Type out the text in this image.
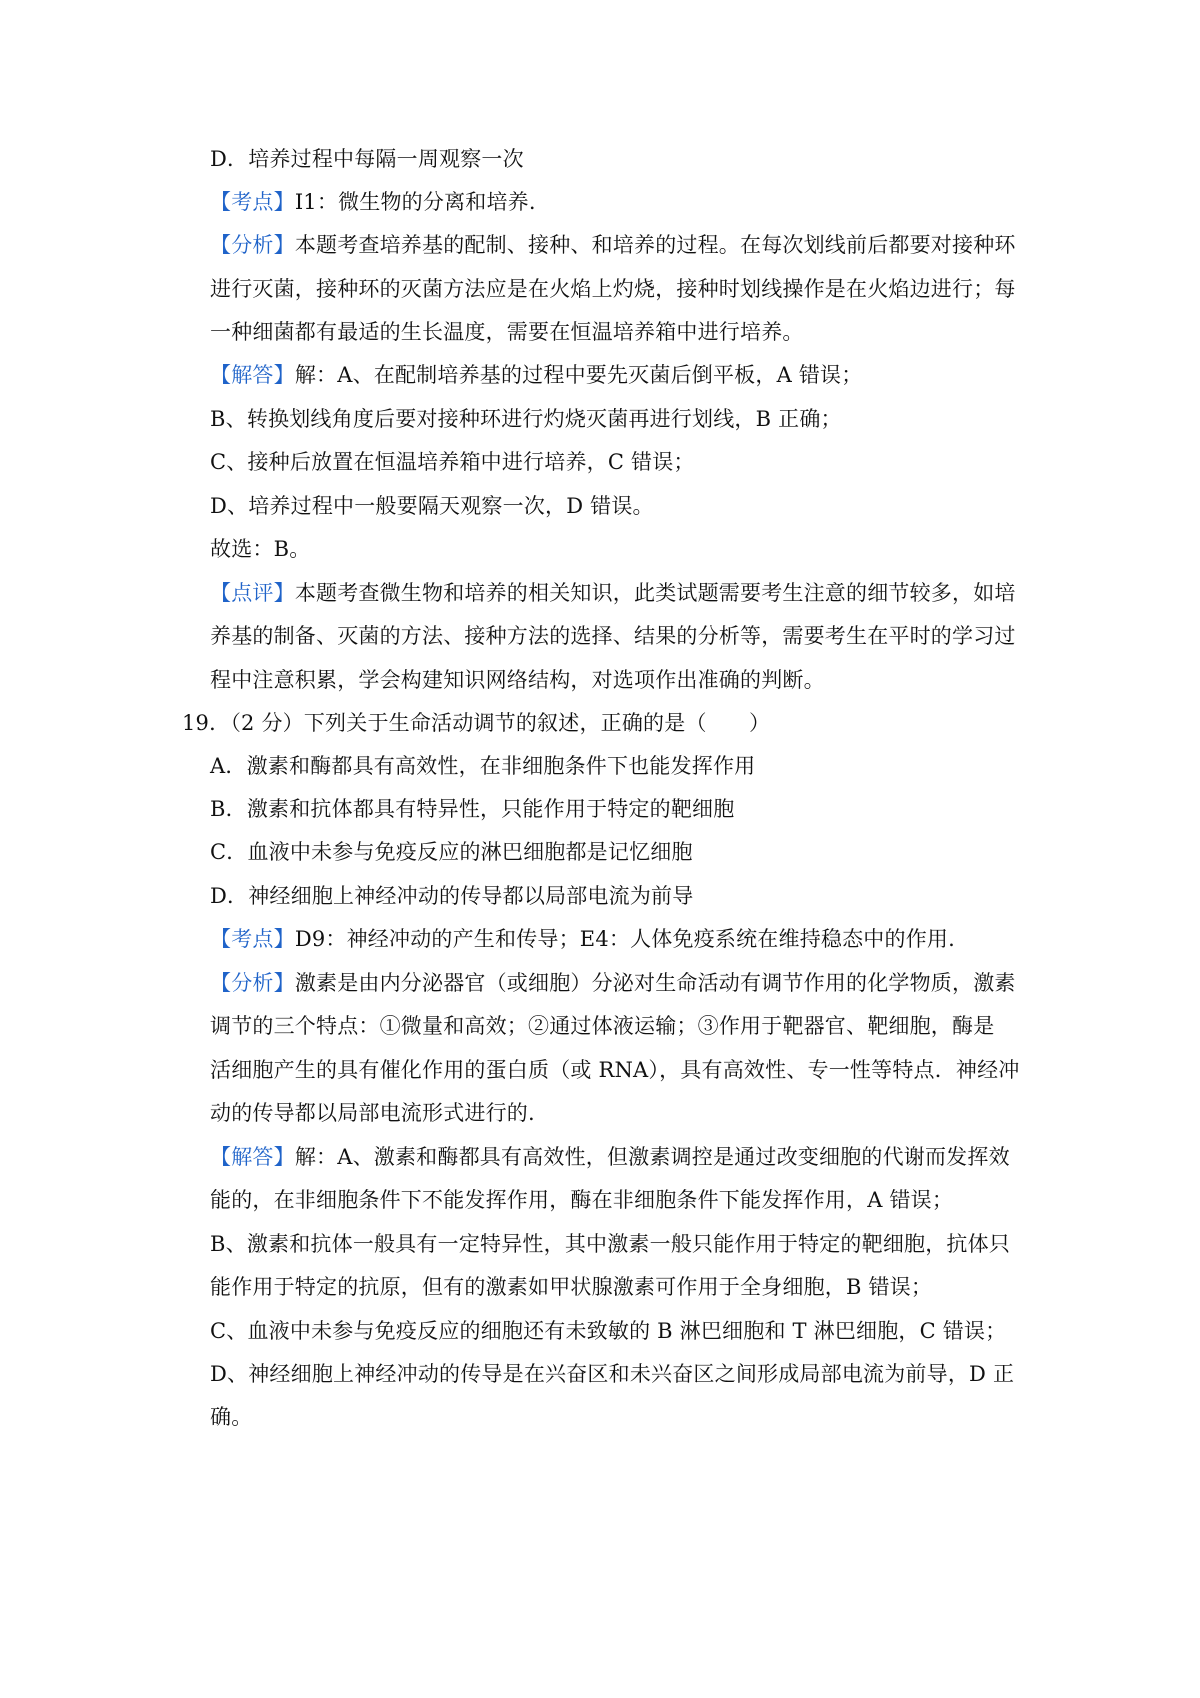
D．培养过程中每隔一周观察一次
【考点】I1：微生物的分离和培养.
【分析】本题考查培养基的配制、接种、和培养的过程。在每次划线前后都要对接种环
进行灭菌，接种环的灭菌方法应是在火焰上灼烧，接种时划线操作是在火焰边进行；每
一种细菌都有最适的生长温度，需要在恒温培养箱中进行培养。
【解答】解：A、在配制培养基的过程中要先灭菌后倒平板，A 错误；
B、转换划线角度后要对接种环进行灼烧灭菌再进行划线，B 正确；
C、接种后放置在恒温培养箱中进行培养，C 错误；
D、培养过程中一般要隔天观察一次，D 错误。
故选：B。
【点评】本题考查微生物和培养的相关知识，此类试题需要考生注意的细节较多，如培
养基的制备、灭菌的方法、接种方法的选择、结果的分析等，需要考生在平时的学习过
程中注意积累，学会构建知识网络结构，对选项作出准确的判断。
19．（2 分）下列关于生命活动调节的叙述，正确的是（　　）
A．激素和酶都具有高效性，在非细胞条件下也能发挥作用
B．激素和抗体都具有特异性，只能作用于特定的靶细胞
C．血液中未参与免疫反应的淋巴细胞都是记忆细胞
D．神经细胞上神经冲动的传导都以局部电流为前导
【考点】D9：神经冲动的产生和传导；E4：人体免疫系统在维持稳态中的作用.
【分析】激素是由内分泌器官（或细胞）分泌对生命活动有调节作用的化学物质，激素
调节的三个特点：①微量和高效；②通过体液运输；③作用于靶器官、靶细胞，酶是
活细胞产生的具有催化作用的蛋白质（或 RNA），具有高效性、专一性等特点．神经冲
动的传导都以局部电流形式进行的.
【解答】解：A、激素和酶都具有高效性，但激素调控是通过改变细胞的代谢而发挥效
能的，在非细胞条件下不能发挥作用，酶在非细胞条件下能发挥作用，A 错误；
B、激素和抗体一般具有一定特异性，其中激素一般只能作用于特定的靶细胞，抗体只
能作用于特定的抗原，但有的激素如甲状腺激素可作用于全身细胞，B 错误；
C、血液中未参与免疫反应的细胞还有未致敏的 B 淋巴细胞和 T 淋巴细胞，C 错误；
D、神经细胞上神经冲动的传导是在兴奋区和未兴奋区之间形成局部电流为前导，D 正
确。
